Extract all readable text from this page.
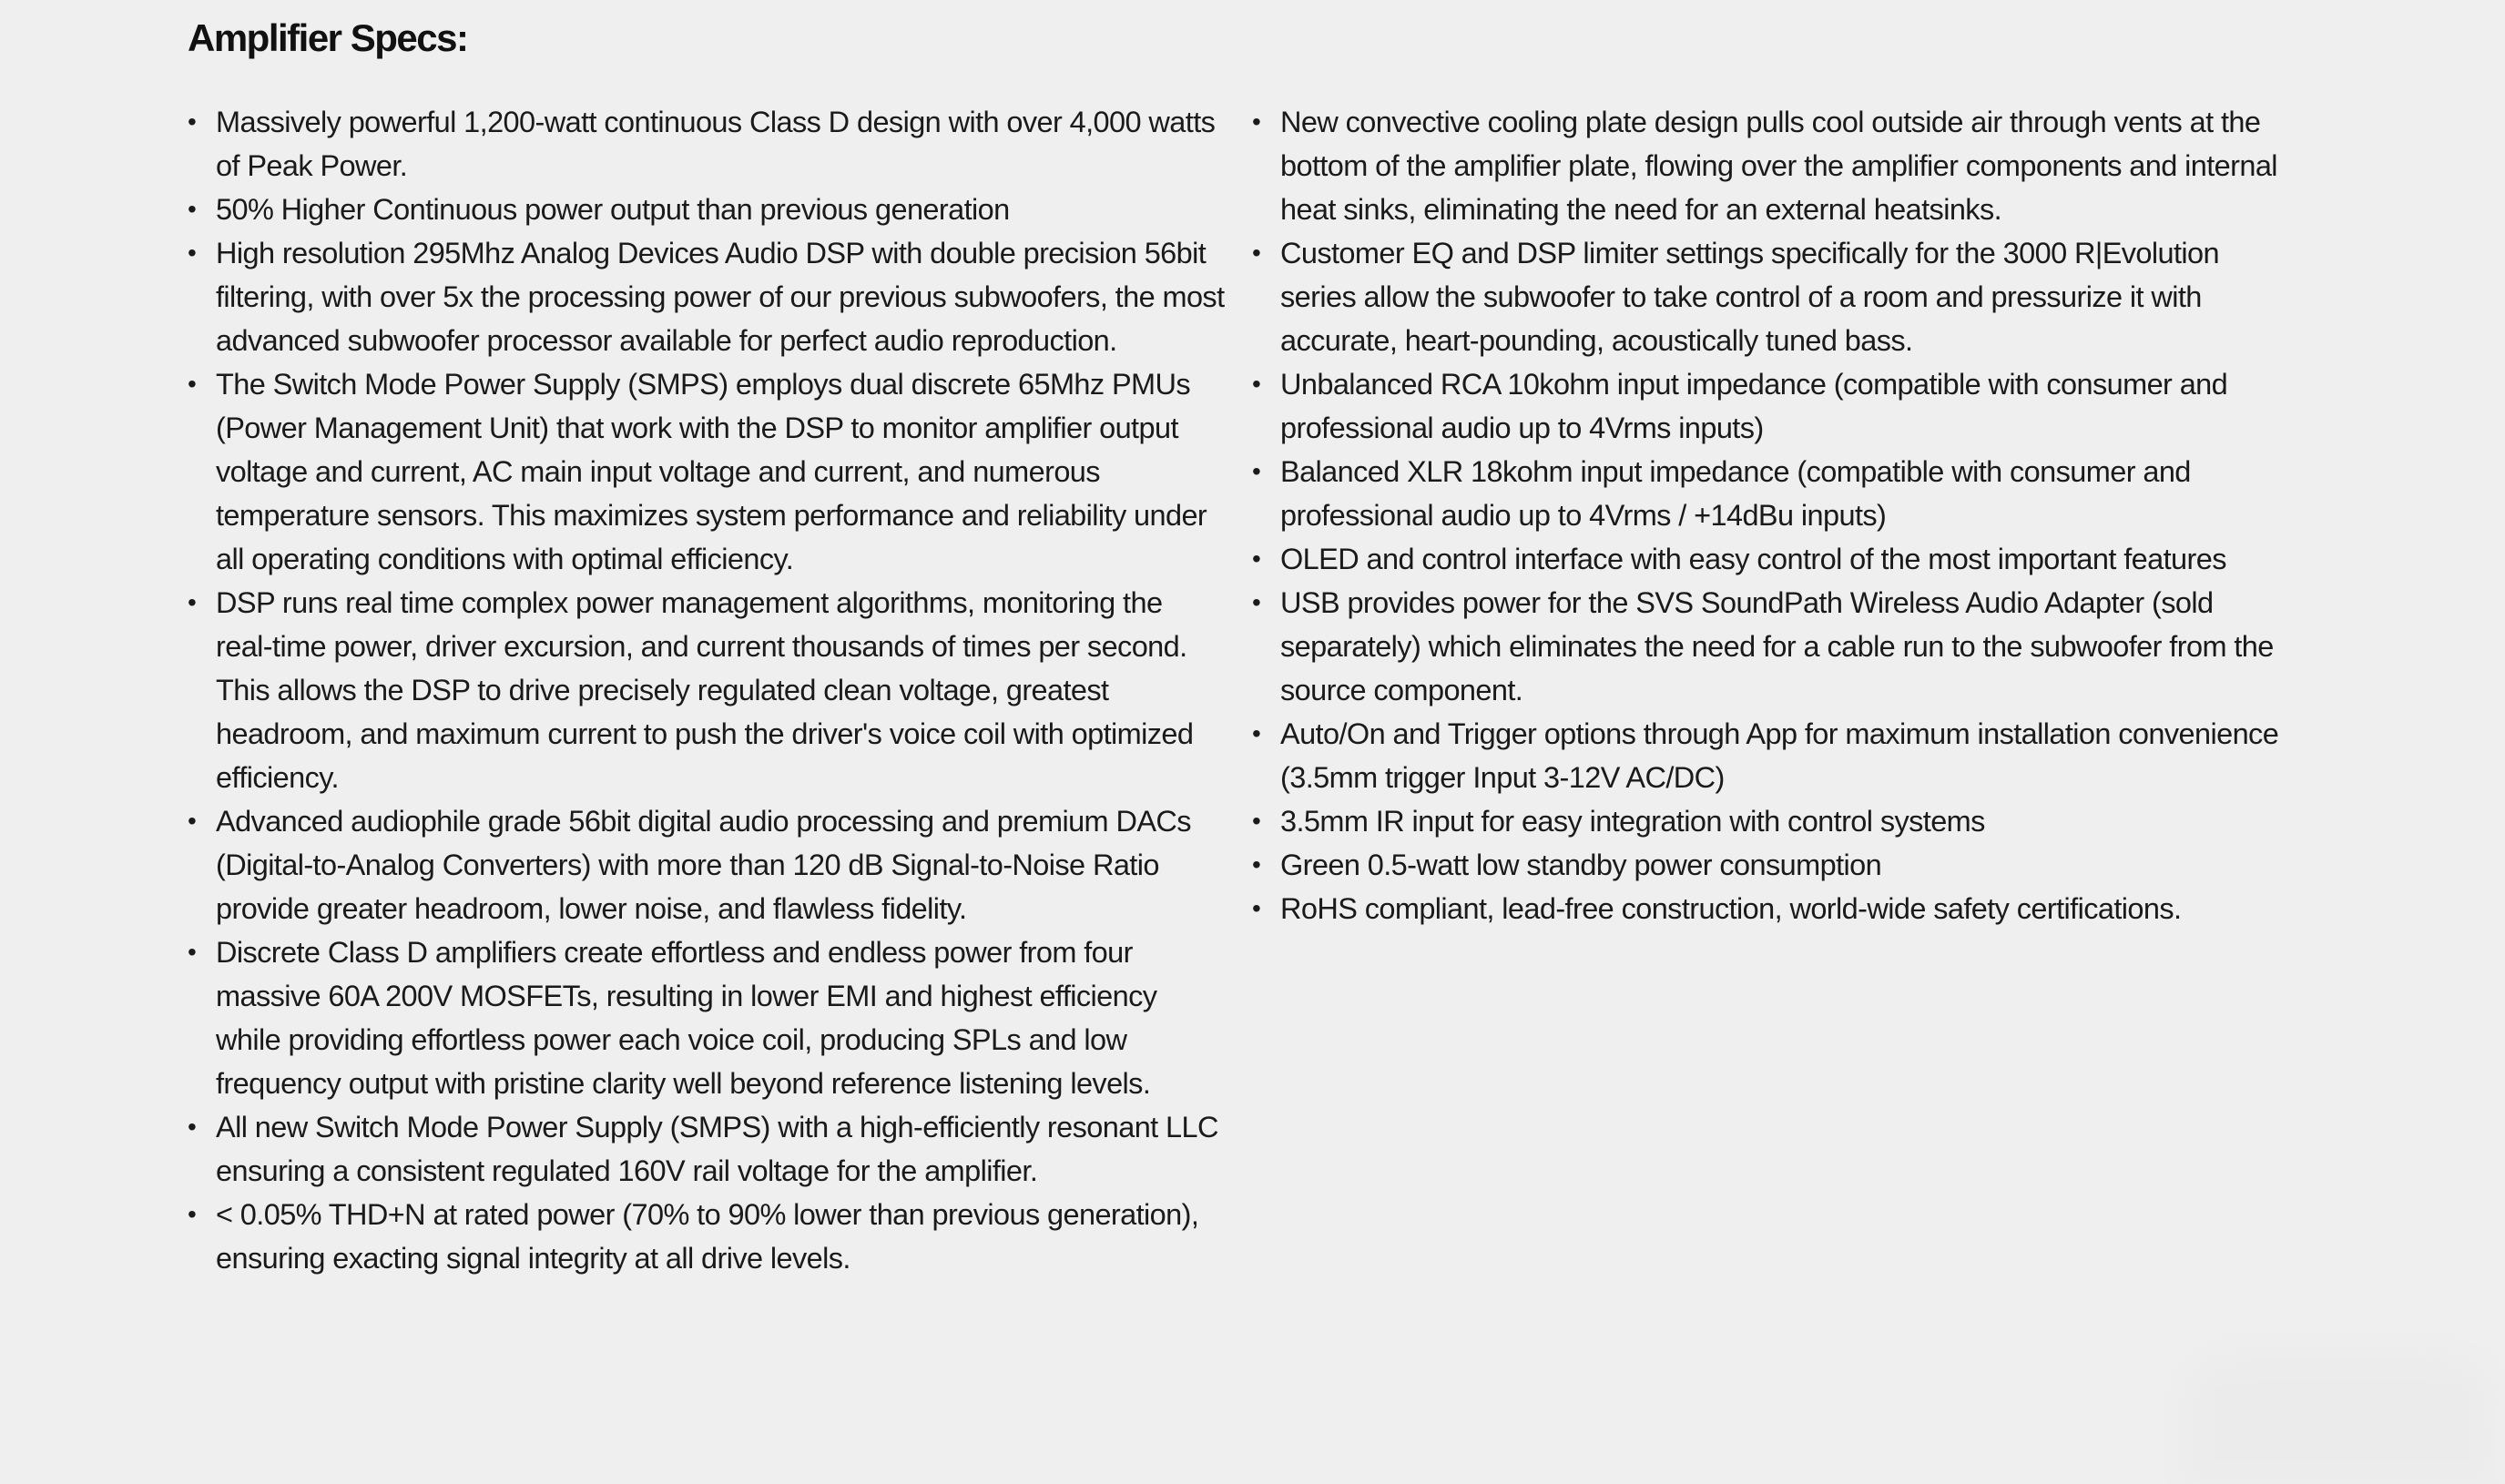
Amplifier Specs:
• Massively powerful 1,200-watt continuous Class D design with over 4,000 watts of Peak Power.
• 50% Higher Continuous power output than previous generation
• High resolution 295Mhz Analog Devices Audio DSP with double precision 56bit filtering, with over 5x the processing power of our previous subwoofers, the most advanced subwoofer processor available for perfect audio reproduction.
• The Switch Mode Power Supply (SMPS) employs dual discrete 65Mhz PMUs (Power Management Unit) that work with the DSP to monitor amplifier output voltage and current, AC main input voltage and current, and numerous temperature sensors. This maximizes system performance and reliability under all operating conditions with optimal efficiency.
• DSP runs real time complex power management algorithms, monitoring the real-time power, driver excursion, and current thousands of times per second. This allows the DSP to drive precisely regulated clean voltage, greatest headroom, and maximum current to push the driver's voice coil with optimized efficiency.
• Advanced audiophile grade 56bit digital audio processing and premium DACs (Digital-to-Analog Converters) with more than 120 dB Signal-to-Noise Ratio provide greater headroom, lower noise, and flawless fidelity.
• Discrete Class D amplifiers create effortless and endless power from four massive 60A 200V MOSFETs, resulting in lower EMI and highest efficiency while providing effortless power each voice coil, producing SPLs and low frequency output with pristine clarity well beyond reference listening levels.
• All new Switch Mode Power Supply (SMPS) with a high-efficiently resonant LLC ensuring a consistent regulated 160V rail voltage for the amplifier.
• < 0.05% THD+N at rated power (70% to 90% lower than previous generation), ensuring exacting signal integrity at all drive levels.
• New convective cooling plate design pulls cool outside air through vents at the bottom of the amplifier plate, flowing over the amplifier components and internal heat sinks, eliminating the need for an external heatsinks.
• Customer EQ and DSP limiter settings specifically for the 3000 R|Evolution series allow the subwoofer to take control of a room and pressurize it with accurate, heart-pounding, acoustically tuned bass.
• Unbalanced RCA 10kohm input impedance (compatible with consumer and professional audio up to 4Vrms inputs)
• Balanced XLR 18kohm input impedance (compatible with consumer and professional audio up to 4Vrms / +14dBu inputs)
• OLED and control interface with easy control of the most important features
• USB provides power for the SVS SoundPath Wireless Audio Adapter (sold separately) which eliminates the need for a cable run to the subwoofer from the source component.
• Auto/On and Trigger options through App for maximum installation convenience (3.5mm trigger Input 3-12V AC/DC)
• 3.5mm IR input for easy integration with control systems
• Green 0.5-watt low standby power consumption
• RoHS compliant, lead-free construction, world-wide safety certifications.
